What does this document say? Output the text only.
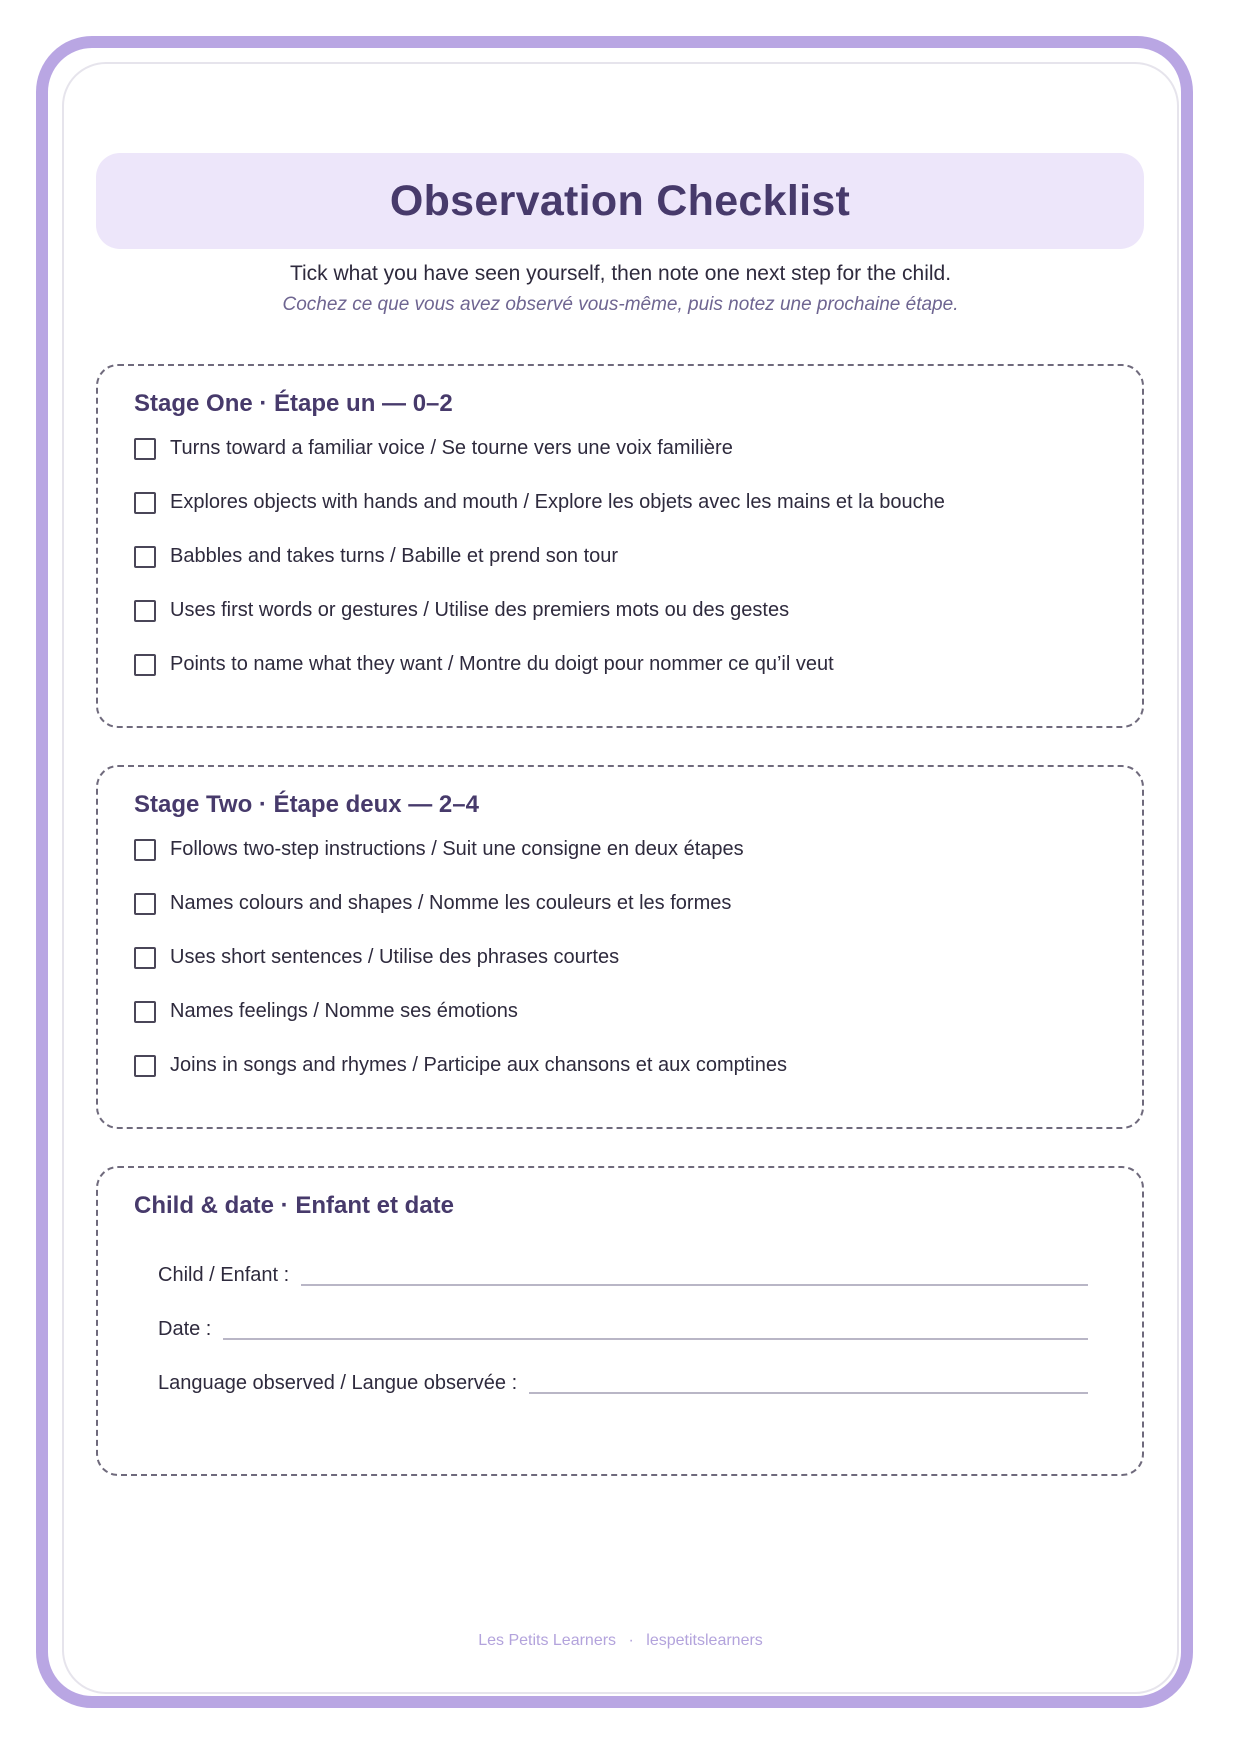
Observation Checklist
Tick what you have seen yourself, then note one next step for the child.
Cochez ce que vous avez observé vous-même, puis notez une prochaine étape.
Stage One · Étape un — 0–2
Turns toward a familiar voice / Se tourne vers une voix familière
Explores objects with hands and mouth / Explore les objets avec les mains et la bouche
Babbles and takes turns / Babille et prend son tour
Uses first words or gestures / Utilise des premiers mots ou des gestes
Points to name what they want / Montre du doigt pour nommer ce qu’il veut
Stage Two · Étape deux — 2–4
Follows two-step instructions / Suit une consigne en deux étapes
Names colours and shapes / Nomme les couleurs et les formes
Uses short sentences / Utilise des phrases courtes
Names feelings / Nomme ses émotions
Joins in songs and rhymes / Participe aux chansons et aux comptines
Child & date · Enfant et date
Child / Enfant :
Date :
Language observed / Langue observée :
Les Petits Learners · lespetitslearners
